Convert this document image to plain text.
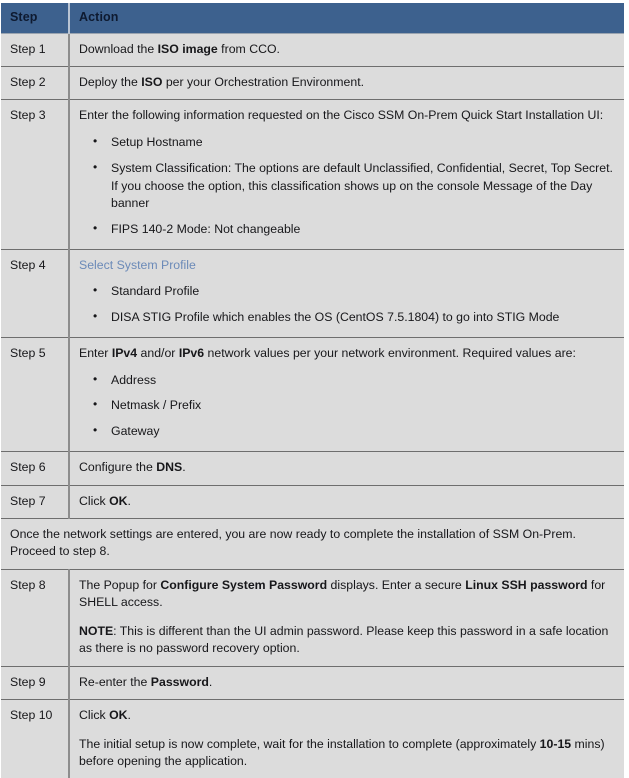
Step	Action
Step 1	Download the ISO image from CCO.
Step 2	Deploy the ISO per your Orchestration Environment.
Step 3	Enter the following information requested on the Cisco SSM On-Prem Quick Start Installation UI:
• Setup Hostname
• System Classification: The options are default Unclassified, Confidential, Secret, Top Secret. If you choose the option, this classification shows up on the console Message of the Day banner
• FIPS 140-2 Mode: Not changeable

Step 4	Select System Profile
• Standard Profile
• DISA STIG Profile which enables the OS (CentOS 7.5.1804) to go into STIG Mode

Step 5	Enter IPv4 and/or IPv6 network values per your network environment. Required values are:
• Address
• Netmask / Prefix
• Gateway

Step 6	Configure the DNS.
Step 7	Click OK.
Once the network settings are entered, you are now ready to complete the installation of SSM On-Prem. Proceed to step 8.	
Step 8	The Popup for Configure System Password displays. Enter a secure Linux SSH password for SHELL access.

NOTE: This is different than the UI admin password. Please keep this password in a safe location as there is no password recovery option.

Step 9	Re-enter the Password.
Step 10	Click OK.

The initial setup is now complete, wait for the installation to complete (approximately 10-15 mins) before opening the application.
